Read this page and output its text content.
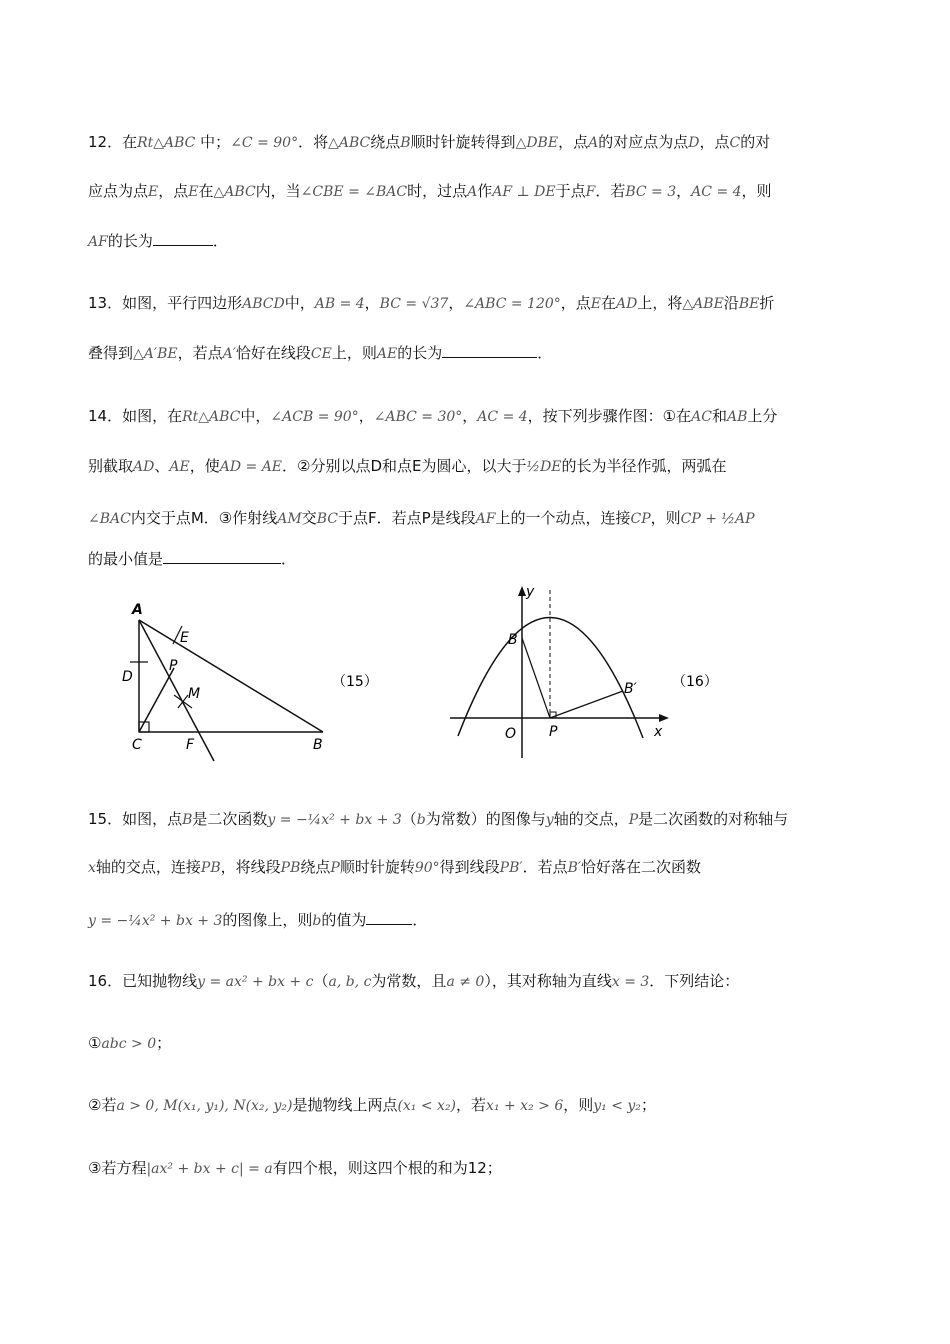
12．在Rt△ABC 中；∠C = 90°．将△ABC绕点B顺时针旋转得到△DBE，点A的对应点为点D，点C的对
应点为点E，点E在△ABC内，当∠CBE = ∠BAC时，过点A作AF ⊥ DE于点F．若BC = 3，AC = 4，则
AF的长为	．
13．如图，平行四边形ABCD中，AB = 4，BC = √37，∠ABC = 120°，点E在AD上，将△ABE沿BE折
叠得到△A′BE，若点A′恰好在线段CE上，则AE的长为	．
14．如图，在Rt△ABC中，∠ACB = 90°，∠ABC = 30°，AC = 4，按下列步骤作图：①在AC和AB上分
别截取AD、AE，使AD = AE．②分别以点D和点E为圆心，以大于½DE的长为半径作弧，两弧在
∠BAC内交于点M．③作射线AM交BC于点F．若点P是线段AF上的一个动点，连接CP，则CP + ½AP
的最小值是	．
A
E
P
D
M
C	F	B
（15）
y
B
B′
O P	x
（16）
15．如图，点B是二次函数y = −¼x² + bx + 3（b为常数）的图像与y轴的交点，P是二次函数的对称轴与
x轴的交点，连接PB，将线段PB绕点P顺时针旋转90°得到线段PB′．若点B′恰好落在二次函数
y = −¼x² + bx + 3的图像上，则b的值为	．
16．已知抛物线y = ax² + bx + c（a, b, c为常数，且a ≠ 0），其对称轴为直线x = 3．下列结论：
①abc > 0；
②若a > 0, M(x₁, y₁), N(x₂, y₂)是抛物线上两点(x₁ < x₂)，若x₁ + x₂ > 6，则y₁ < y₂；
③若方程|ax² + bx + c| = a有四个根，则这四个根的和为12；
